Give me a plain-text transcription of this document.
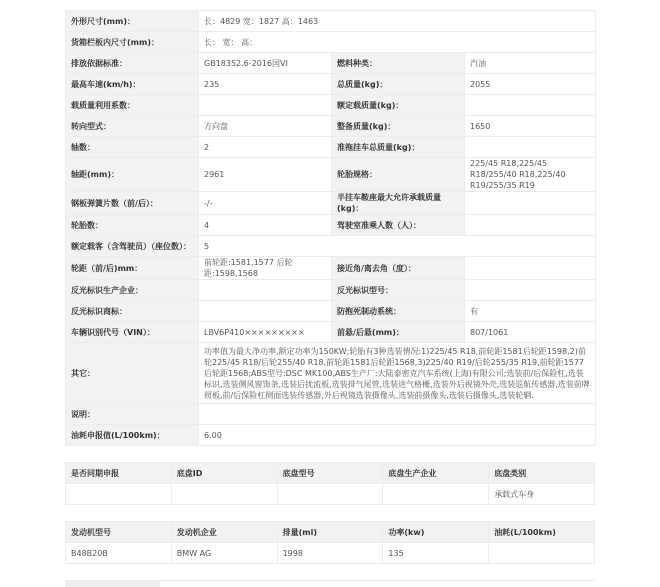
外形尺寸(mm)：	长：4829 宽：1827 高：1463		
货箱栏板内尺寸(mm)：	长： 宽： 高：		
排放依据标准：	GB18352.6-2016国VI	燃料种类：	汽油
最高车速(km/h)：	235	总质量(kg)：	2055
载质量利用系数：		额定载质量(kg)：	
转向型式：	方向盘	整备质量(kg)：	1650
轴数：	2	准拖挂车总质量(kg)：	
轴距(mm)：	2961	轮胎规格：	225/45 R18,225/45 R18/255/40 R18,225/40 R19/255/35 R19
钢板弹簧片数（前/后）：	-/-	半挂车鞍座最大允许承载质量(kg)：	
轮胎数：	4	驾驶室准乘人数（人）：	
额定载客（含驾驶员）（座位数）：	5		
轮距（前/后)mm：	前轮距:1581,1577 后轮距:1598,1568	接近角/离去角（度）：	
反光标识生产企业：		反光标识型号：	
反光标识商标：		防抱死制动系统：	有
车辆识别代号（VIN）：	LBV6P410×××××××××	前悬/后悬(mm)：	807/1061
其它：	功率值为最大净功率,额定功率为150KW;轮胎有3种选装情况:1)225/45 R18,前轮距1581后轮距1598,2)前轮225/45 R18/后轮255/40 R18,前轮距1581后轮距1568,3)225/40 R19/后轮255/35 R19,前轮距1577后轮距1568;ABS型号:DSC MK100,ABS生产厂:大陆泰密克汽车系统(上海)有限公司;选装前/后保险杠,选装标识,选装侧风窗饰条,选装后扰流板,选装排气尾管,选装进气格栅,选装外后视镜外壳,选装巡航传感器,选装前牌照板,前/后保险杠侧面选装传感器,外后视镜选装摄像头,选装前摄像头,选装后摄像头,选装轮辋.		
说明：			
油耗申报值(L/100km)：	6.00		
是否同期申报	底盘ID	底盘型号	底盘生产企业	底盘类别
				承载式车身
发动机型号	发动机企业	排量(ml)	功率(kw)	油耗(L/100km)
B48B20B	BMW AG	1998	135	
